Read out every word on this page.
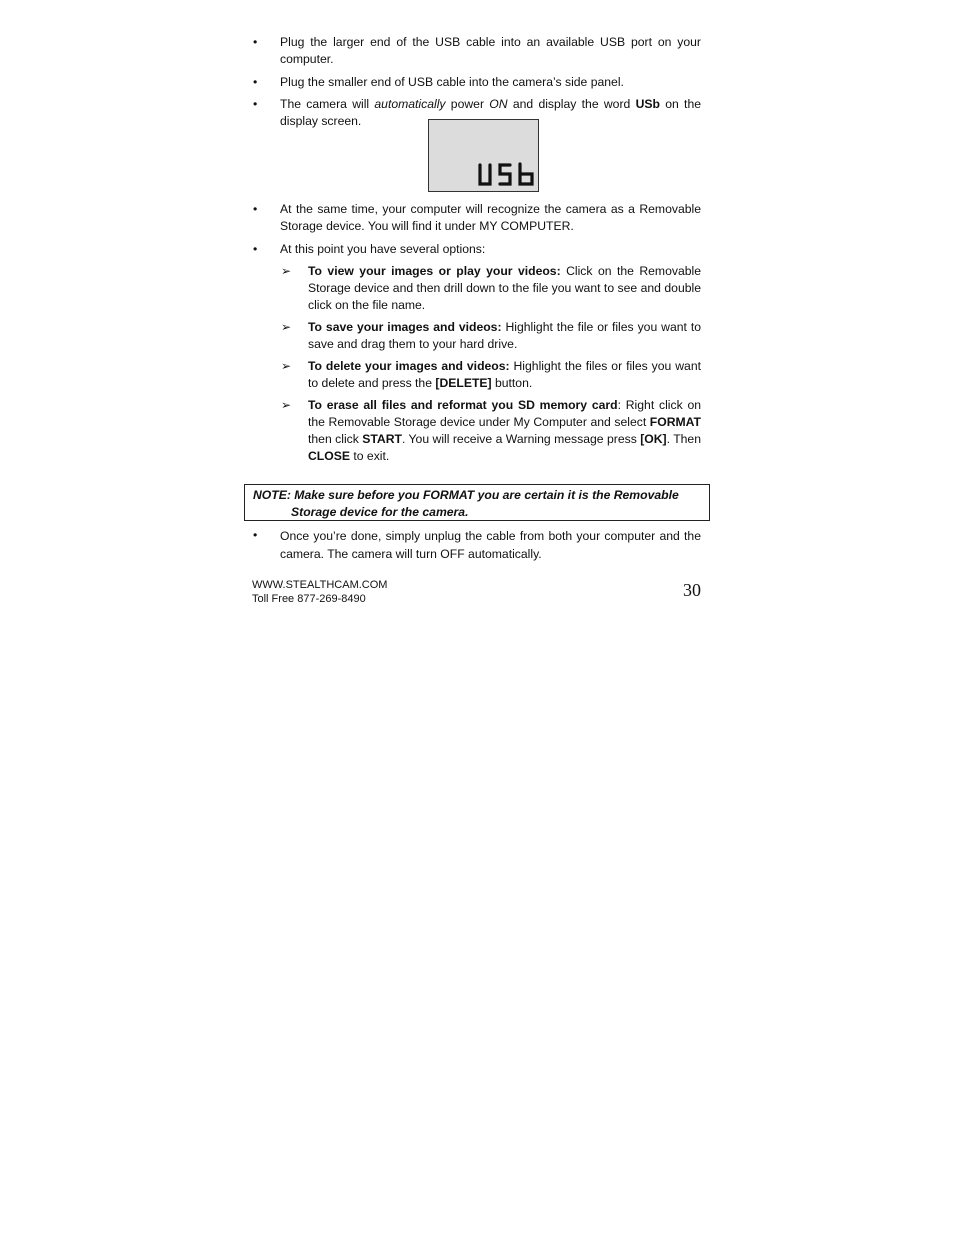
• Plug the larger end of the USB cable into an available USB port on your computer.
• Plug the smaller end of USB cable into the camera’s side panel.
• The camera will automatically power ON and display the word USb on the display screen.
• At the same time, your computer will recognize the camera as a Removable Storage device. You will find it under MY COMPUTER.
• At this point you have several options:
➢ To view your images or play your videos: Click on the Removable Storage device and then drill down to the file you want to see and double click on the file name.
➢ To save your images and videos: Highlight the file or files you want to save and drag them to your hard drive.
➢ To delete your images and videos: Highlight the files or files you want to delete and press the [DELETE] button.
➢ To erase all files and reformat you SD memory card: Right click on the Removable Storage device under My Computer and select FORMAT then click START. You will receive a Warning message press [OK]. Then CLOSE to exit.
NOTE: Make sure before you FORMAT you are certain it is the Removable
Storage device for the camera.
• Once you’re done, simply unplug the cable from both your computer and the camera. The camera will turn OFF automatically.
WWW.STEALTHCAM.COM
Toll Free 877-269-8490	30
